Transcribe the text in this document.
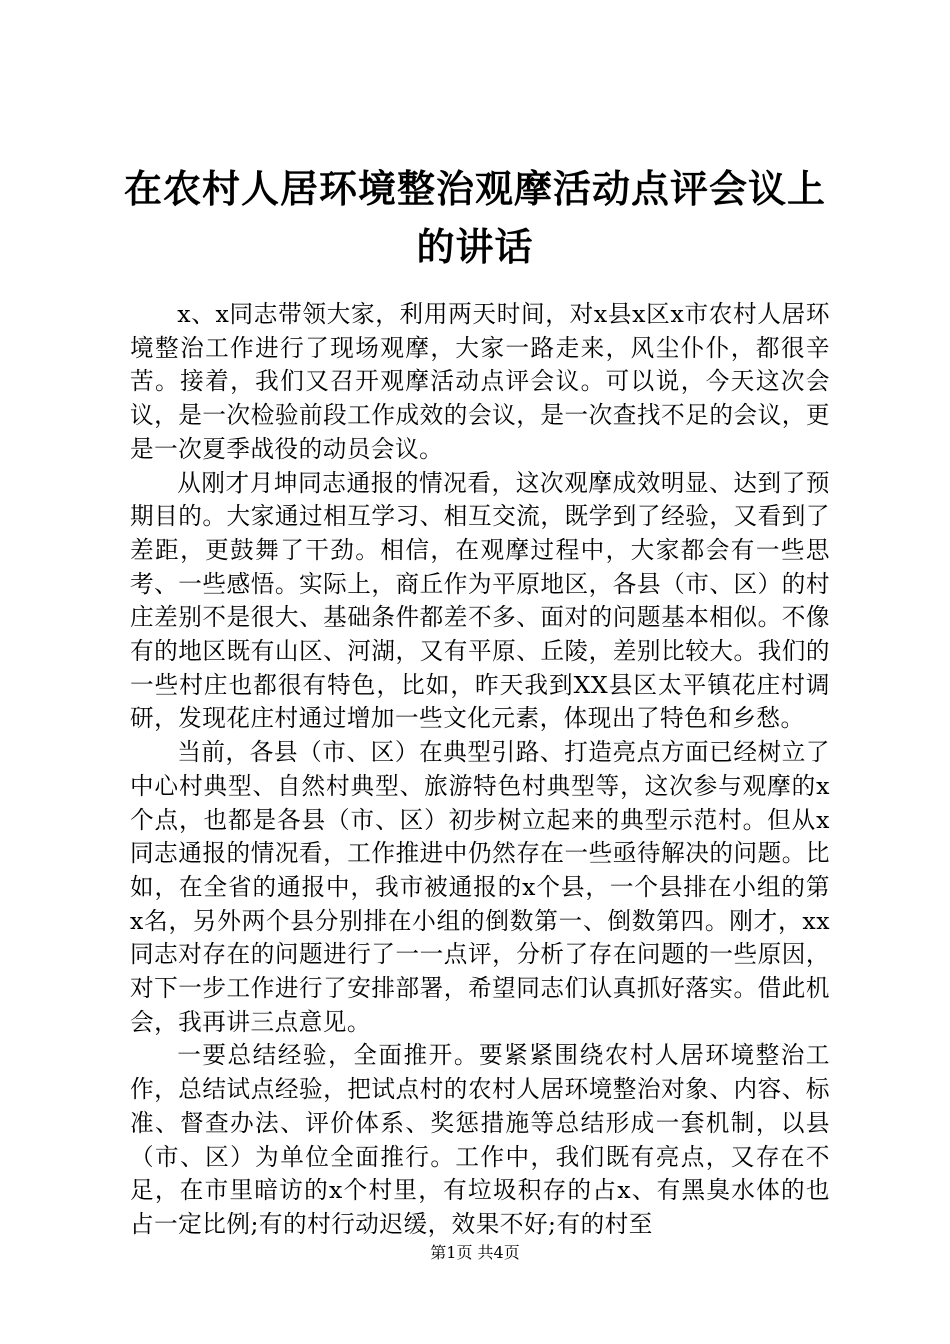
在农村人居环境整治观摩活动点评会议上的讲话

x、x同志带领大家，利用两天时间，对x县x区x市农村人居环境整治工作进行了现场观摩，大家一路走来，风尘仆仆，都很辛苦。接着，我们又召开观摩活动点评会议。可以说，今天这次会议，是一次检验前段工作成效的会议，是一次查找不足的会议，更是一次夏季战役的动员会议。

从刚才月坤同志通报的情况看，这次观摩成效明显、达到了预期目的。大家通过相互学习、相互交流，既学到了经验，又看到了差距，更鼓舞了干劲。相信，在观摩过程中，大家都会有一些思考、一些感悟。实际上，商丘作为平原地区，各县（市、区）的村庄差别不是很大、基础条件都差不多、面对的问题基本相似。不像有的地区既有山区、河湖，又有平原、丘陵，差别比较大。我们的一些村庄也都很有特色，比如，昨天我到XX县区太平镇花庄村调研，发现花庄村通过增加一些文化元素，体现出了特色和乡愁。

当前，各县（市、区）在典型引路、打造亮点方面已经树立了中心村典型、自然村典型、旅游特色村典型等，这次参与观摩的x个点，也都是各县（市、区）初步树立起来的典型示范村。但从x同志通报的情况看，工作推进中仍然存在一些亟待解决的问题。比如，在全省的通报中，我市被通报的x个县，一个县排在小组的第x名，另外两个县分别排在小组的倒数第一、倒数第四。刚才，xx同志对存在的问题进行了一一点评，分析了存在问题的一些原因，对下一步工作进行了安排部署，希望同志们认真抓好落实。借此机会，我再讲三点意见。

一要总结经验，全面推开。要紧紧围绕农村人居环境整治工作，总结试点经验，把试点村的农村人居环境整治对象、内容、标准、督查办法、评价体系、奖惩措施等总结形成一套机制，以县（市、区）为单位全面推行。工作中，我们既有亮点，又存在不足，在市里暗访的x个村里，有垃圾积存的占x、有黑臭水体的也占一定比例;有的村行动迟缓，效果不好;有的村至

第1页 共4页
